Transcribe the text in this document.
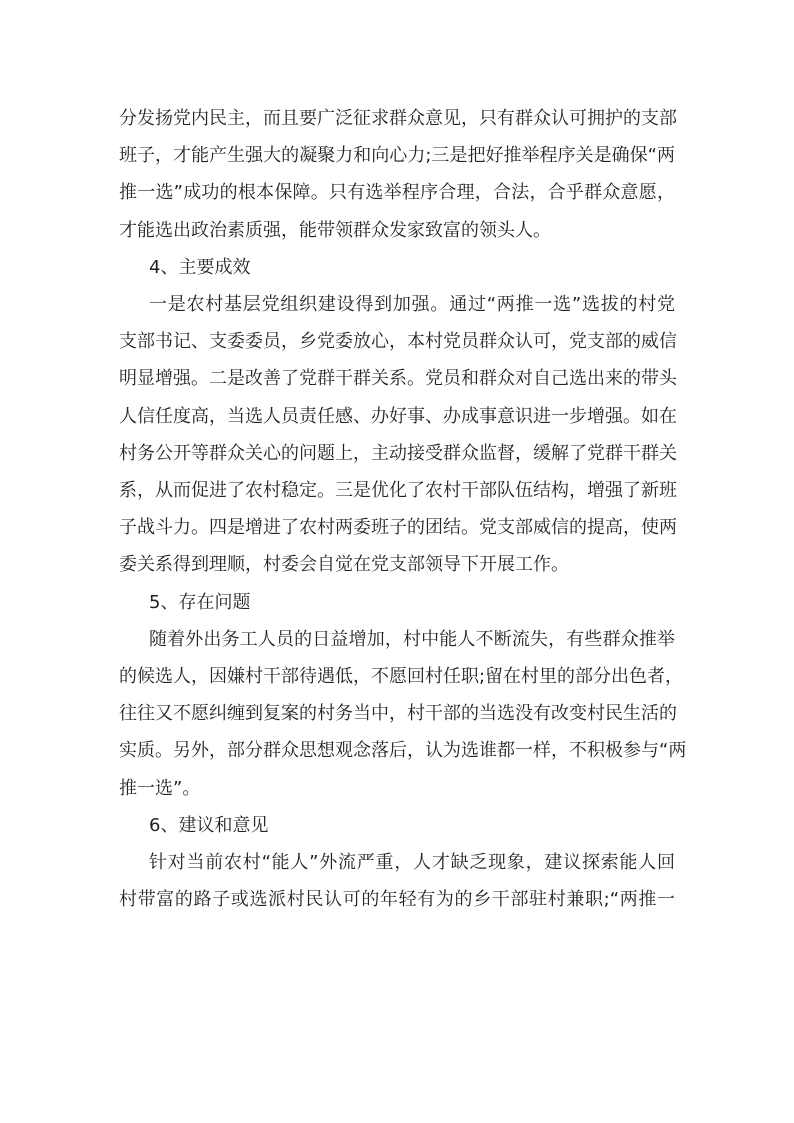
分发扬党内民主，而且要广泛征求群众意见，只有群众认可拥护的支部
班子，才能产生强大的凝聚力和向心力;三是把好推举程序关是确保“两
推一选”成功的根本保障。只有选举程序合理，合法，合乎群众意愿，
才能选出政治素质强，能带领群众发家致富的领头人。

4、主要成效

一是农村基层党组织建设得到加强。通过“两推一选”选拔的村党
支部书记、支委委员，乡党委放心，本村党员群众认可，党支部的威信
明显增强。二是改善了党群干群关系。党员和群众对自己选出来的带头
人信任度高，当选人员责任感、办好事、办成事意识进一步增强。如在
村务公开等群众关心的问题上，主动接受群众监督，缓解了党群干群关
系，从而促进了农村稳定。三是优化了农村干部队伍结构，增强了新班
子战斗力。四是增进了农村两委班子的团结。党支部威信的提高，使两
委关系得到理顺，村委会自觉在党支部领导下开展工作。

5、存在问题

随着外出务工人员的日益增加，村中能人不断流失，有些群众推举
的候选人，因嫌村干部待遇低，不愿回村任职;留在村里的部分出色者，
往往又不愿纠缠到复案的村务当中，村干部的当选没有改变村民生活的
实质。另外，部分群众思想观念落后，认为选谁都一样，不积极参与“两
推一选”。

6、建议和意见

针对当前农村“能人”外流严重，人才缺乏现象，建议探索能人回
村带富的路子或选派村民认可的年轻有为的乡干部驻村兼职;“两推一
